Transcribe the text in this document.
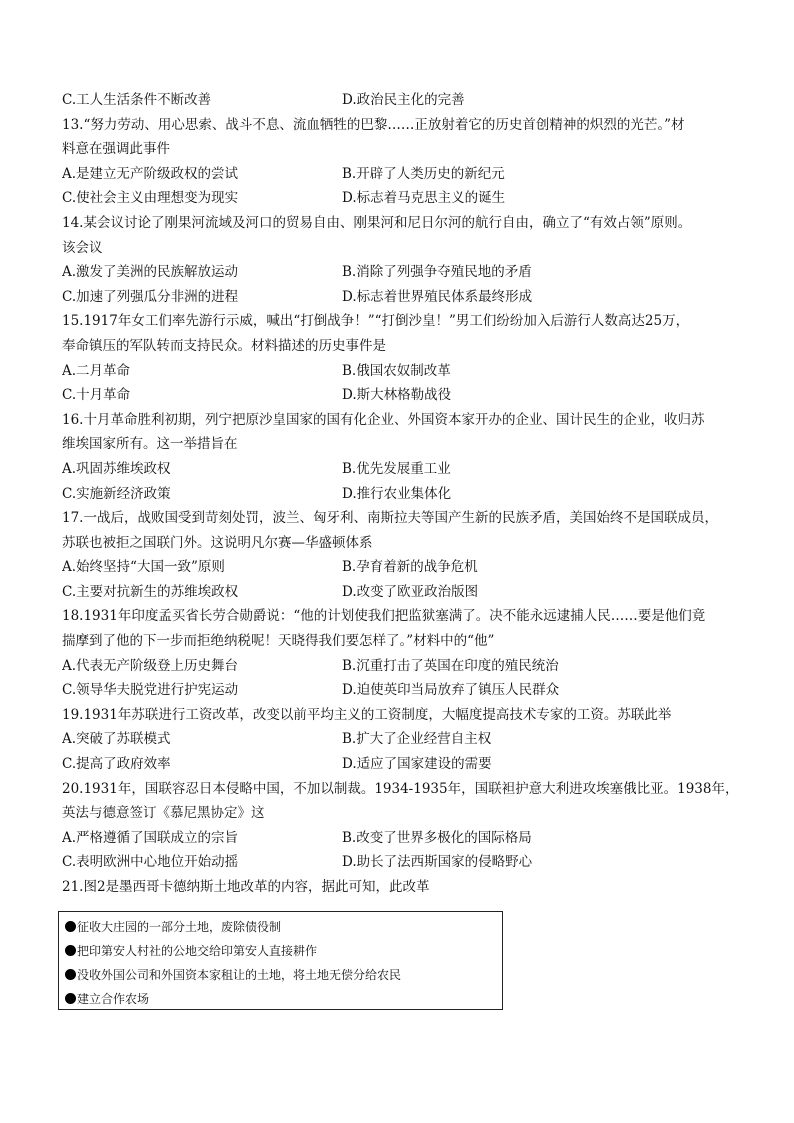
C.工人生活条件不断改善	D.政治民主化的完善
13.“努力劳动、用心思索、战斗不息、流血牺牲的巴黎……正放射着它的历史首创精神的炽烈的光芒。”材
料意在强调此事件
A.是建立无产阶级政权的尝试	B.开辟了人类历史的新纪元
C.使社会主义由理想变为现实	D.标志着马克思主义的诞生
14.某会议讨论了刚果河流域及河口的贸易自由、刚果河和尼日尔河的航行自由，确立了“有效占领”原则。
该会议
A.激发了美洲的民族解放运动	B.消除了列强争夺殖民地的矛盾
C.加速了列强瓜分非洲的进程	D.标志着世界殖民体系最终形成
15.1917年女工们率先游行示威，喊出“打倒战争！”“打倒沙皇！”男工们纷纷加入后游行人数高达25万，
奉命镇压的军队转而支持民众。材料描述的历史事件是
A.二月革命	B.俄国农奴制改革
C.十月革命	D.斯大林格勒战役
16.十月革命胜利初期，列宁把原沙皇国家的国有化企业、外国资本家开办的企业、国计民生的企业，收归苏
维埃国家所有。这一举措旨在
A.巩固苏维埃政权	B.优先发展重工业
C.实施新经济政策	D.推行农业集体化
17.一战后，战败国受到苛刻处罚，波兰、匈牙利、南斯拉夫等国产生新的民族矛盾，美国始终不是国联成员，
苏联也被拒之国联门外。这说明凡尔赛—华盛顿体系
A.始终坚持“大国一致”原则	B.孕育着新的战争危机
C.主要对抗新生的苏维埃政权	D.改变了欧亚政治版图
18.1931年印度孟买省长劳合勋爵说：“他的计划使我们把监狱塞满了。决不能永远逮捕人民……要是他们竟
揣摩到了他的下一步而拒绝纳税呢！天晓得我们要怎样了。”材料中的“他”
A.代表无产阶级登上历史舞台	B.沉重打击了英国在印度的殖民统治
C.领导华夫脱党进行护宪运动	D.迫使英印当局放弃了镇压人民群众
19.1931年苏联进行工资改革，改变以前平均主义的工资制度，大幅度提高技术专家的工资。苏联此举
A.突破了苏联模式	B.扩大了企业经营自主权
C.提高了政府效率	D.适应了国家建设的需要
20.1931年，国联容忍日本侵略中国，不加以制裁。1934-1935年，国联袒护意大利进攻埃塞俄比亚。1938年，
英法与德意签订《慕尼黑协定》这
A.严格遵循了国联成立的宗旨	B.改变了世界多极化的国际格局
C.表明欧洲中心地位开始动摇	D.助长了法西斯国家的侵略野心
21.图2是墨西哥卡德纳斯土地改革的内容，据此可知，此改革
征收大庄园的一部分土地，废除债役制
把印第安人村社的公地交给印第安人直接耕作
没收外国公司和外国资本家租让的土地，将土地无偿分给农民
建立合作农场
